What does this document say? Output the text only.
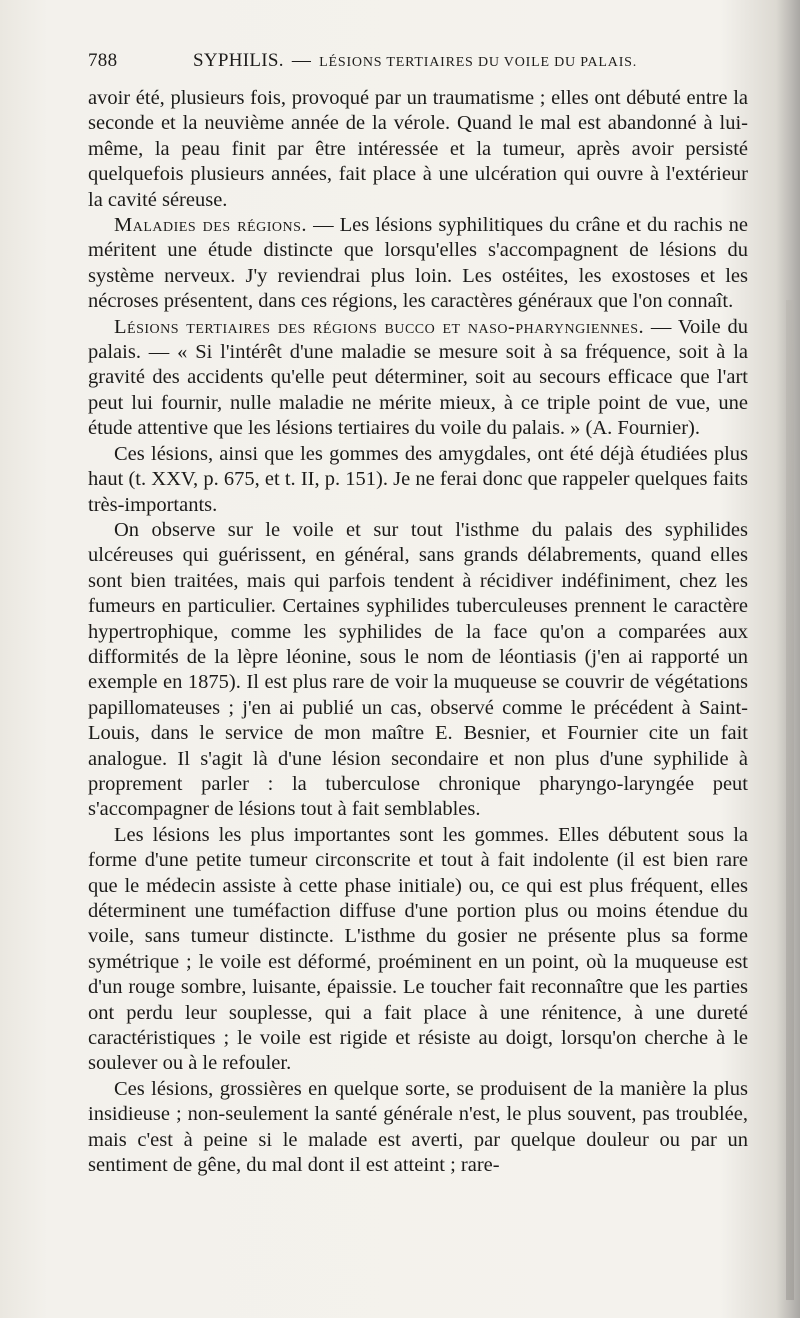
788	SYPHILIS. — LÉSIONS TERTIAIRES DU VOILE DU PALAIS.

avoir été, plusieurs fois, provoqué par un traumatisme ; elles ont débuté entre la seconde et la neuvième année de la vérole. Quand le mal est abandonné à lui-même, la peau finit par être intéressée et la tumeur, après avoir persisté quelquefois plusieurs années, fait place à une ulcération qui ouvre à l'extérieur la cavité séreuse.

Maladies des régions. — Les lésions syphilitiques du crâne et du rachis ne méritent une étude distincte que lorsqu'elles s'accompagnent de lésions du système nerveux. J'y reviendrai plus loin. Les ostéites, les exostoses et les nécroses présentent, dans ces régions, les caractères généraux que l'on connaît.

Lésions tertiaires des régions bucco et naso-pharyngiennes. — Voile du palais. — « Si l'intérêt d'une maladie se mesure soit à sa fréquence, soit à la gravité des accidents qu'elle peut déterminer, soit au secours efficace que l'art peut lui fournir, nulle maladie ne mérite mieux, à ce triple point de vue, une étude attentive que les lésions tertiaires du voile du palais. » (A. Fournier).

Ces lésions, ainsi que les gommes des amygdales, ont été déjà étudiées plus haut (t. XXV, p. 675, et t. II, p. 151). Je ne ferai donc que rappeler quelques faits très-importants.

On observe sur le voile et sur tout l'isthme du palais des syphilides ulcéreuses qui guérissent, en général, sans grands délabrements, quand elles sont bien traitées, mais qui parfois tendent à récidiver indéfiniment, chez les fumeurs en particulier. Certaines syphilides tuberculeuses prennent le caractère hypertrophique, comme les syphilides de la face qu'on a comparées aux difformités de la lèpre léonine, sous le nom de léontiasis (j'en ai rapporté un exemple en 1875). Il est plus rare de voir la muqueuse se couvrir de végétations papillomateuses ; j'en ai publié un cas, observé comme le précédent à Saint-Louis, dans le service de mon maître E. Besnier, et Fournier cite un fait analogue. Il s'agit là d'une lésion secondaire et non plus d'une syphilide à proprement parler : la tuberculose chronique pharyngo-laryngée peut s'accompagner de lésions tout à fait semblables.

Les lésions les plus importantes sont les gommes. Elles débutent sous la forme d'une petite tumeur circonscrite et tout à fait indolente (il est bien rare que le médecin assiste à cette phase initiale) ou, ce qui est plus fréquent, elles déterminent une tuméfaction diffuse d'une portion plus ou moins étendue du voile, sans tumeur distincte. L'isthme du gosier ne présente plus sa forme symétrique ; le voile est déformé, proéminent en un point, où la muqueuse est d'un rouge sombre, luisante, épaissie. Le toucher fait reconnaître que les parties ont perdu leur souplesse, qui a fait place à une rénitence, à une dureté caractéristiques ; le voile est rigide et résiste au doigt, lorsqu'on cherche à le soulever ou à le refouler.

Ces lésions, grossières en quelque sorte, se produisent de la manière la plus insidieuse ; non-seulement la santé générale n'est, le plus souvent, pas troublée, mais c'est à peine si le malade est averti, par quelque douleur ou par un sentiment de gêne, du mal dont il est atteint ; rare-
